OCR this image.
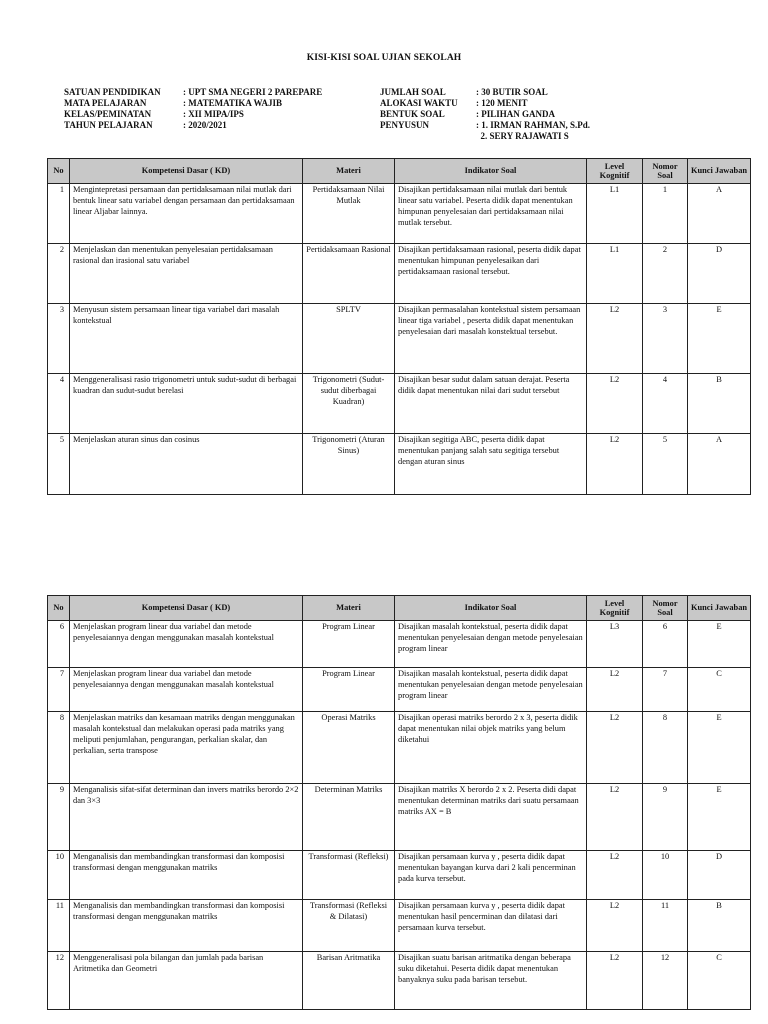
KISI-KISI SOAL UJIAN SEKOLAH
SATUAN PENDIDIKAN	: UPT SMA NEGERI 2 PAREPARE
MATA PELAJARAN	: MATEMATIKA WAJIB
KELAS/PEMINATAN	: XII MIPA/IPS
TAHUN PELAJARAN	: 2020/2021
JUMLAH SOAL	: 30 BUTIR SOAL
ALOKASI WAKTU	: 120 MENIT
BENTUK SOAL	: PILIHAN GANDA
PENYUSUN	: 1. IRMAN RAHMAN, S.Pd.
2. SERY RAJAWATI S
No	Kompetensi Dasar ( KD)	Materi	Indikator Soal	Level Kognitif	Nomor Soal	Kunci Jawaban
1	Mengintepretasi persamaan dan pertidaksamaan nilai mutlak dari bentuk linear satu variabel dengan persamaan dan pertidaksamaan linear Aljabar lainnya.	Pertidaksamaan Nilai Mutlak	Disajikan pertidaksamaan nilai mutlak dari bentuk linear satu variabel. Peserta didik dapat menentukan himpunan penyelesaian dari pertidaksamaan nilai mutlak tersebut.	L1	1	A
2	Menjelaskan dan menentukan penyelesaian pertidaksamaan rasional dan irasional satu variabel	Pertidaksamaan Rasional	Disajikan pertidaksamaan rasional, peserta didik dapat menentukan himpunan penyelesaikan dari pertidaksamaan rasional tersebut.	L1	2	D
3	Menyusun sistem persamaan linear tiga variabel dari masalah kontekstual	SPLTV	Disajikan permasalahan kontekstual sistem persamaan linear tiga variabel , peserta didik dapat menentukan penyelesaian dari masalah konstektual tersebut.	L2	3	E
4	Menggeneralisasi rasio trigonometri untuk sudut-sudut di berbagai kuadran dan sudut-sudut berelasi	Trigonometri (Sudut-sudut diberbagai Kuadran)	Disajikan besar sudut dalam satuan derajat. Peserta didik dapat menentukan nilai dari sudut tersebut	L2	4	B
5	Menjelaskan aturan sinus dan cosinus	Trigonometri (Aturan Sinus)	Disajikan segitiga ABC, peserta didik dapat menentukan panjang salah satu segitiga tersebut dengan aturan sinus	L2	5	A
No	Kompetensi Dasar ( KD)	Materi	Indikator Soal	Level Kognitif	Nomor Soal	Kunci Jawaban
6	Menjelaskan program linear dua variabel dan metode penyelesaiannya dengan menggunakan masalah kontekstual	Program Linear	Disajikan masalah kontekstual, peserta didik dapat menentukan penyelesaian dengan metode penyelesaian program linear	L3	6	E
7	Menjelaskan program linear dua variabel dan metode penyelesaiannya dengan menggunakan masalah kontekstual	Program Linear	Disajikan masalah kontekstual, peserta didik dapat menentukan penyelesaian dengan metode penyelesaian program linear	L2	7	C
8	Menjelaskan matriks dan kesamaan matriks dengan menggunakan masalah kontekstual dan melakukan operasi pada matriks yang meliputi penjumlahan, pengurangan, perkalian skalar, dan perkalian, serta transpose	Operasi Matriks	Disajikan operasi matriks berordo 2 x 3, peserta didik dapat menentukan nilai objek matriks yang belum diketahui	L2	8	E
9	Menganalisis sifat-sifat determinan dan invers matriks berordo 2×2 dan 3×3	Determinan Matriks	Disajikan matriks X berordo 2 x 2. Peserta didi dapat menentukan determinan matriks dari suatu persamaan matriks AX = B	L2	9	E
10	Menganalisis dan membandingkan transformasi dan komposisi transformasi dengan menggunakan matriks	Transformasi (Refleksi)	Disajikan persamaan kurva y , peserta didik dapat menentukan bayangan kurva dari 2 kali pencerminan pada kurva tersebut.	L2	10	D
11	Menganalisis dan membandingkan transformasi dan komposisi transformasi dengan menggunakan matriks	Transformasi (Refleksi & Dilatasi)	Disajikan persamaan kurva y , peserta didik dapat menentukan hasil pencerminan dan dilatasi dari persamaan kurva tersebut.	L2	11	B
12	Menggeneralisasi pola bilangan dan jumlah pada barisan Aritmetika dan Geometri	Barisan Aritmatika	Disajikan suatu barisan aritmatika dengan beberapa suku diketahui. Peserta didik dapat menentukan banyaknya suku pada barisan tersebut.	L2	12	C
